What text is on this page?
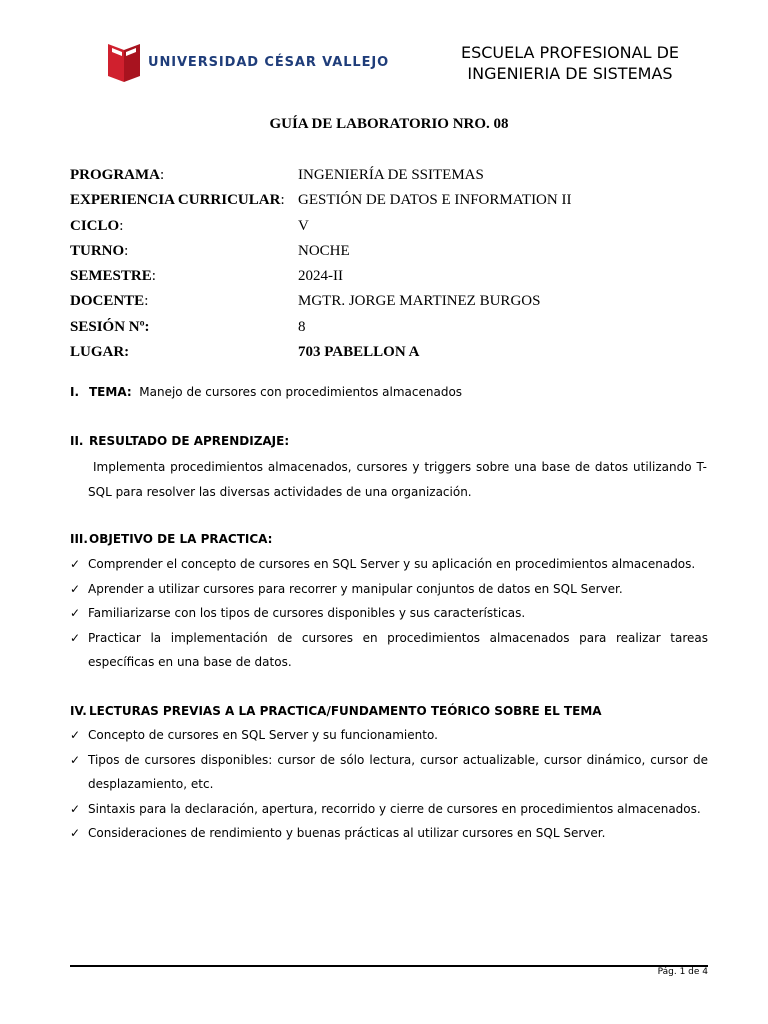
UNIVERSIDAD CÉSAR VALLEJO	ESCUELA PROFESIONAL DE
INGENIERIA DE SISTEMAS
GUÍA DE LABORATORIO NRO. 08
PROGRAMA:	INGENIERÍA DE SSITEMAS
EXPERIENCIA CURRICULAR: GESTIÓN DE DATOS E INFORMATION II
CICLO:	V
TURNO:	NOCHE
SEMESTRE:	2024-II
DOCENTE:	MGTR. JORGE MARTINEZ BURGOS
SESIÓN Nº:	8
LUGAR:	703 PABELLON A
I. TEMA: Manejo de cursores con procedimientos almacenados
II. RESULTADO DE APRENDIZAJE:
Implementa procedimientos almacenados, cursores y triggers sobre una base de datos utilizando T-SQL para resolver las diversas actividades de una organización.
III.OBJETIVO DE LA PRACTICA:
✓ Comprender el concepto de cursores en SQL Server y su aplicación en procedimientos almacenados.
✓ Aprender a utilizar cursores para recorrer y manipular conjuntos de datos en SQL Server.
✓ Familiarizarse con los tipos de cursores disponibles y sus características.
✓ Practicar la implementación de cursores en procedimientos almacenados para realizar tareas específicas en una base de datos.
IV. LECTURAS PREVIAS A LA PRACTICA/FUNDAMENTO TEÓRICO SOBRE EL TEMA
✓ Concepto de cursores en SQL Server y su funcionamiento.
✓ Tipos de cursores disponibles: cursor de sólo lectura, cursor actualizable, cursor dinámico, cursor de desplazamiento, etc.
✓ Sintaxis para la declaración, apertura, recorrido y cierre de cursores en procedimientos almacenados.
✓ Consideraciones de rendimiento y buenas prácticas al utilizar cursores en SQL Server.
Pág. 1 de 4
